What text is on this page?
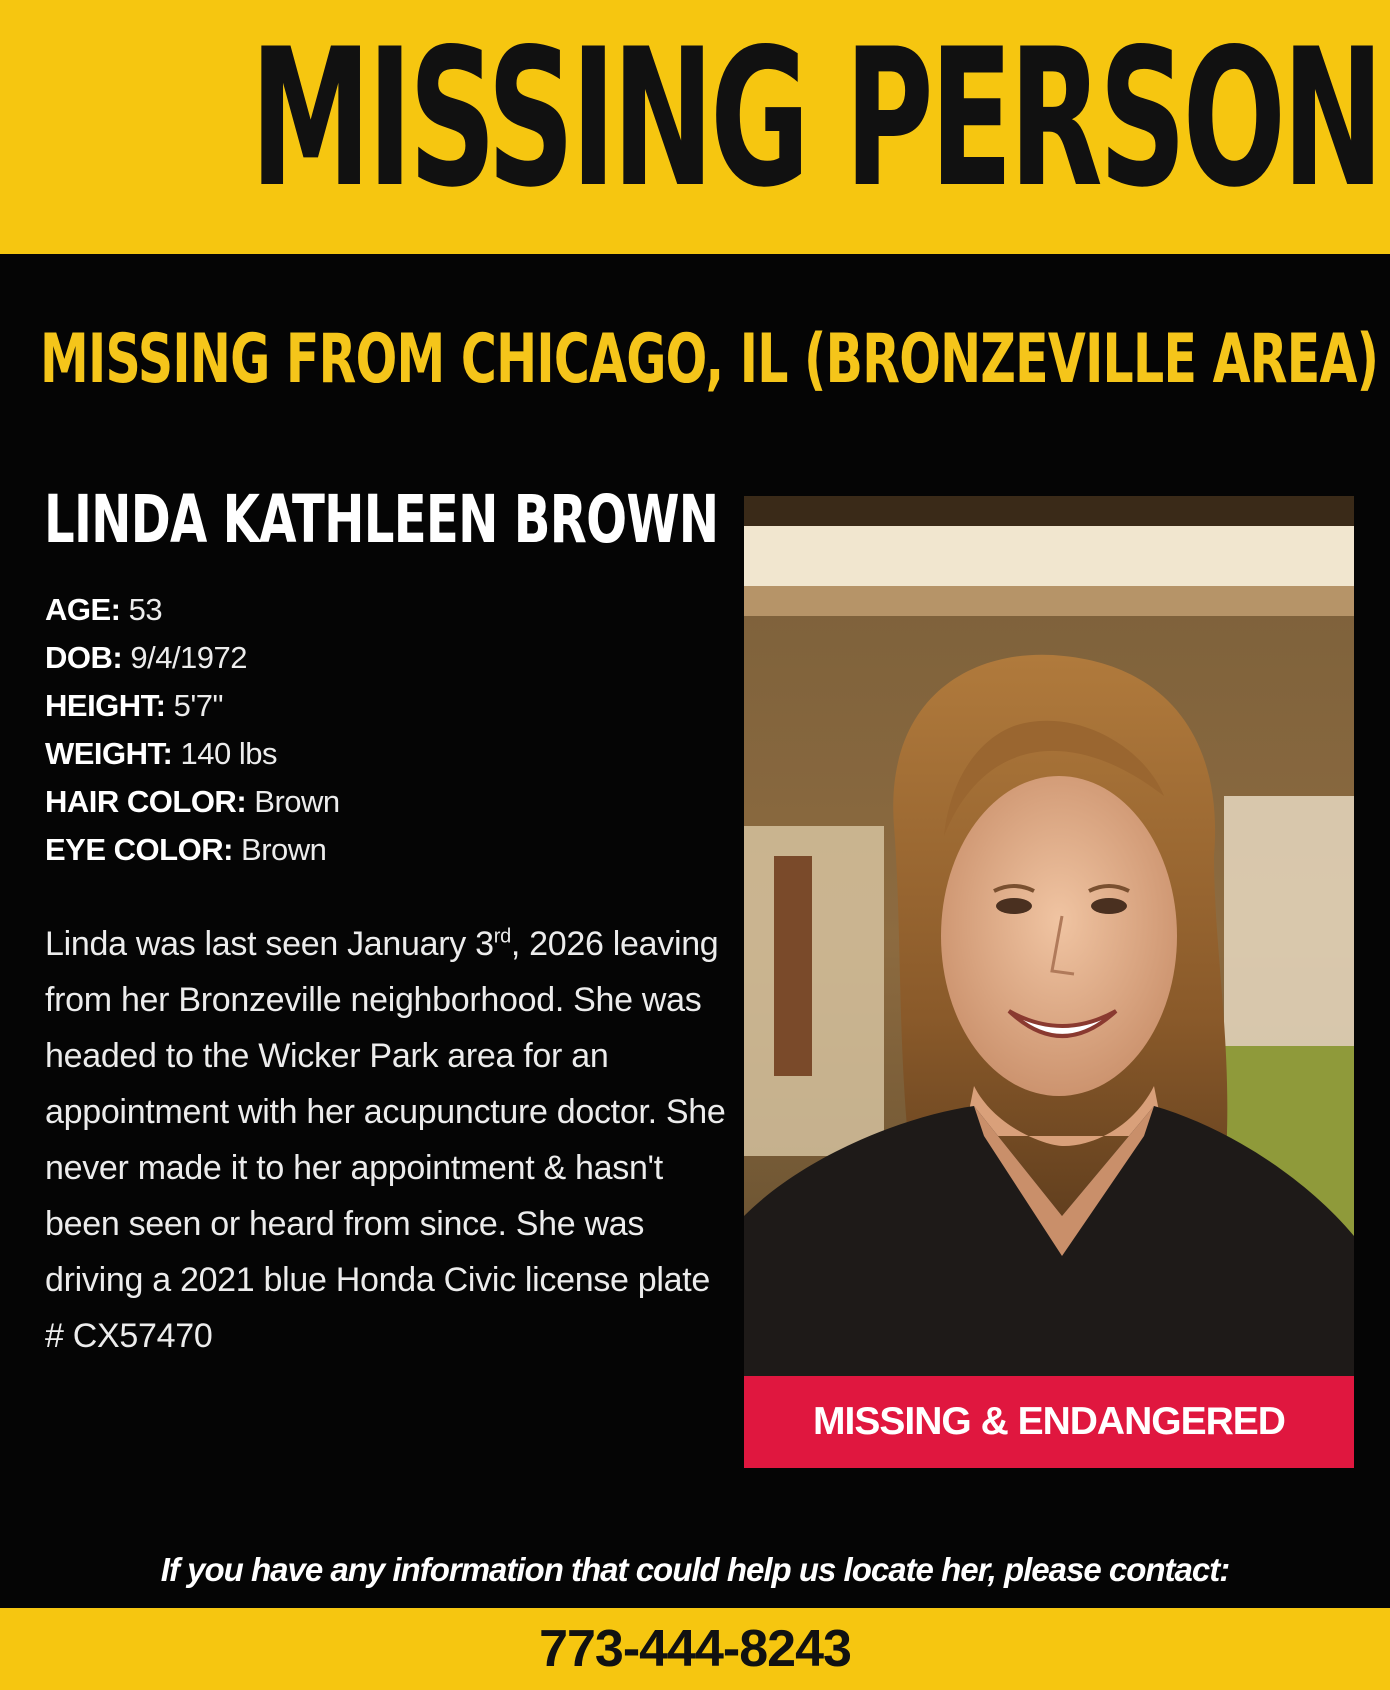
MISSING PERSON
MISSING FROM CHICAGO, IL (BRONZEVILLE AREA)
LINDA KATHLEEN BROWN
AGE: 53
DOB: 9/4/1972
HEIGHT: 5'7"
WEIGHT: 140 lbs
HAIR COLOR: Brown
EYE COLOR: Brown
Linda was last seen January 3rd, 2026 leaving from her Bronzeville neighborhood. She was headed to the Wicker Park area for an appointment with her acupuncture doctor. She never made it to her appointment & hasn't been seen or heard from since. She was driving a 2021 blue Honda Civic license plate # CX57470
MISSING & ENDANGERED
If you have any information that could help us locate her, please contact:
773-444-8243
